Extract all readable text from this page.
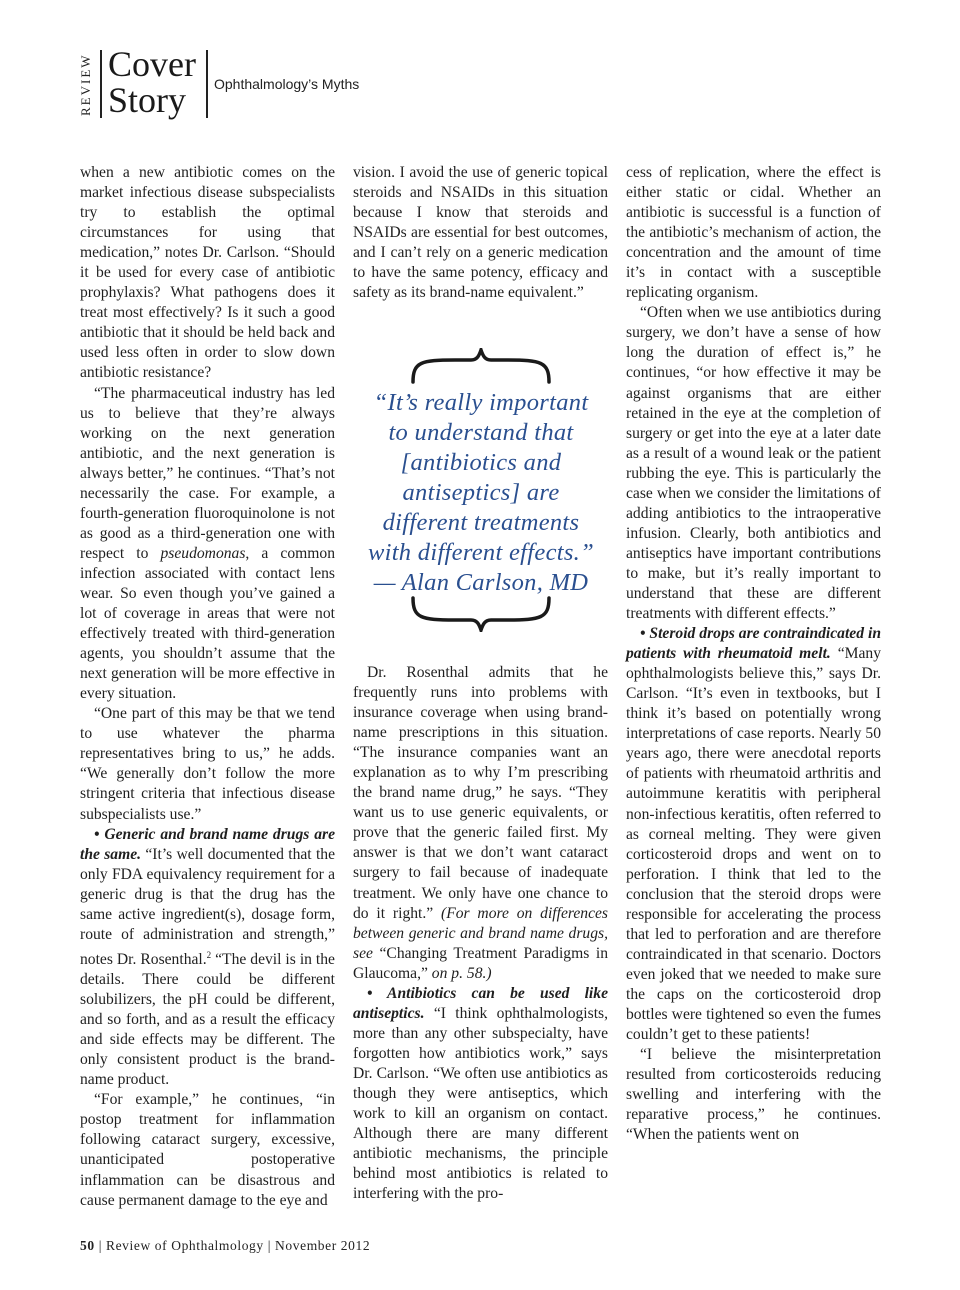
REVIEW Cover
Story	Ophthalmology’s Myths

when a new antibiotic comes on the market infectious disease subspecialists try to establish the optimal circumstances for using that medication,” notes Dr. Carlson. “Should it be used for every case of antibiotic prophylaxis? What pathogens does it treat most effectively? Is it such a good antibiotic that it should be held back and used less often in order to slow down antibiotic resistance?

“The pharmaceutical industry has led us to believe that they’re always working on the next generation antibiotic, and the next generation is always better,” he continues. “That’s not necessarily the case. For example, a fourth-generation fluoroquinolone is not as good as a third-generation one with respect to pseudomonas, a common infection associated with contact lens wear. So even though you’ve gained a lot of coverage in areas that were not effectively treated with third-generation agents, you shouldn’t assume that the next generation will be more effective in every situation.

“One part of this may be that we tend to use whatever the pharma representatives bring to us,” he adds. “We generally don’t follow the more stringent criteria that infectious disease subspecialists use.”

• Generic and brand name drugs are the same. “It’s well documented that the only FDA equivalency requirement for a generic drug is that the drug has the same active ingredient(s), dosage form, route of administration and strength,” notes Dr. Rosenthal.$^2$ “The devil is in the details. There could be different solubilizers, the pH could be different, and so forth, and as a result the efficacy and side effects may be different. The only consistent product is the brand-name product.

“For example,” he continues, “in postop treatment for inflammation following cataract surgery, excessive, unanticipated postoperative inflammation can be disastrous and cause permanent damage to the eye and

vision. I avoid the use of generic topical steroids and NSAIDs in this situation because I know that steroids and NSAIDs are essential for best outcomes, and I can’t rely on a generic medication to have the same potency, efficacy and safety as its brand-name equivalent.”

“It’s really important
to understand that
[antibiotics and
antiseptics] are
different treatments
with different effects.”
— Alan Carlson, MD

Dr. Rosenthal admits that he frequently runs into problems with insurance coverage when using brand-name prescriptions in this situation. “The insurance companies want an explanation as to why I’m prescribing the brand name drug,” he says. “They want us to use generic equivalents, or prove that the generic failed first. My answer is that we don’t want cataract surgery to fail because of inadequate treatment. We only have one chance to do it right.” (For more on differences between generic and brand name drugs, see “Changing Treatment Paradigms in Glaucoma,” on p. 58.)

• Antibiotics can be used like antiseptics. “I think ophthalmologists, more than any other subspecialty, have forgotten how antibiotics work,” says Dr. Carlson. “We often use antibiotics as though they were antiseptics, which work to kill an organism on contact. Although there are many different antibiotic mechanisms, the principle behind most antibiotics is related to interfering with the pro-

cess of replication, where the effect is either static or cidal. Whether an antibiotic is successful is a function of the antibiotic’s mechanism of action, the concentration and the amount of time it’s in contact with a susceptible replicating organism.

“Often when we use antibiotics during surgery, we don’t have a sense of how long the duration of effect is,” he continues, “or how effective it may be against organisms that are either retained in the eye at the completion of surgery or get into the eye at a later date as a result of a wound leak or the patient rubbing the eye. This is particularly the case when we consider the limitations of adding antibiotics to the intraoperative infusion. Clearly, both antibiotics and antiseptics have important contributions to make, but it’s really important to understand that these are different treatments with different effects.”

• Steroid drops are contraindicated in patients with rheumatoid melt. “Many ophthalmologists believe this,” says Dr. Carlson. “It’s even in textbooks, but I think it’s based on potentially wrong interpretations of case reports. Nearly 50 years ago, there were anecdotal reports of patients with rheumatoid arthritis and autoimmune keratitis with peripheral non-infectious keratitis, often referred to as corneal melting. They were given corticosteroid drops and went on to perforation. I think that led to the conclusion that the steroid drops were responsible for accelerating the process that led to perforation and are therefore contraindicated in that scenario. Doctors even joked that we needed to make sure the caps on the corticosteroid drop bottles were tightened so even the fumes couldn’t get to these patients!

“I believe the misinterpretation resulted from corticosteroids reducing swelling and interfering with the reparative process,” he continues. “When the patients went on

50 | Review of Ophthalmology | November 2012
